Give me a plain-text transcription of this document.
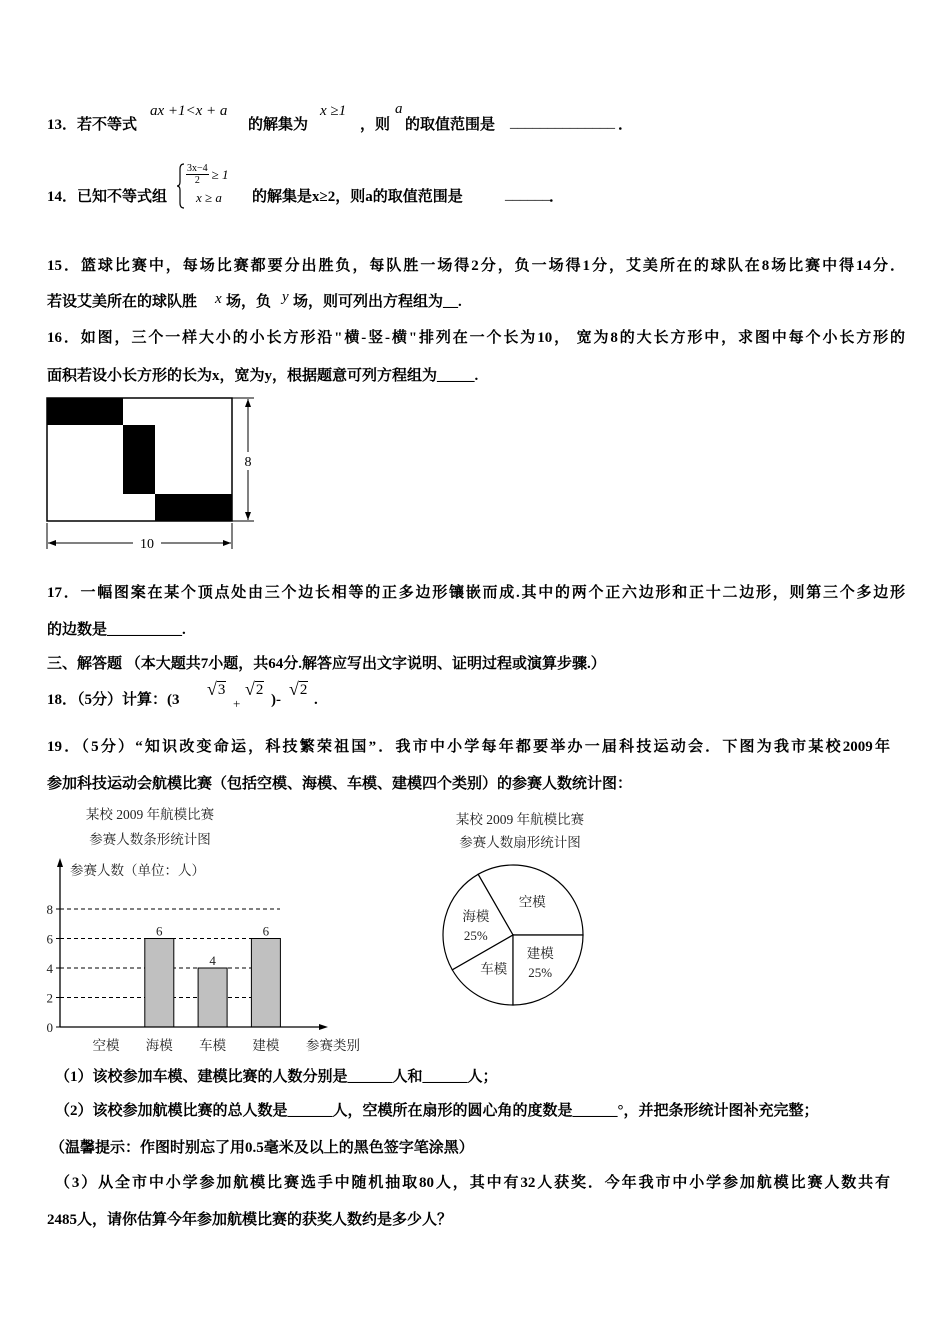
13．若不等式
ax +1<x + a
的解集为
x ≥1
，则
a
的取值范围是 ______________ ．
14．已知不等式组
$\frac{3x-4}{2} \ge 1$
x ≥ a 的解集是x≥2，则a的取值范围是	______ ．
15．篮球比赛中，每场比赛都要分出胜负，每队胜一场得2分，负一场得1分，艾美所在的球队在8场比赛中得14分．
若设艾美所在的球队胜 x 场，负 y 场，则可列出方程组为__.
16．如图，三个一样大小的小长方形沿"横-竖-横"排列在一个长为10， 宽为8的大长方形中，求图中每个小长方形的
面积若设小长方形的长为x，宽为y，根据题意可列方程组为_____.
8
10
17．一幅图案在某个顶点处由三个边长相等的正多边形镶嵌而成.其中的两个正六边形和正十二边形，则第三个多边形
的边数是__________.
三、解答题 （本大题共7小题，共64分.解答应写出文字说明、证明过程或演算步骤.）
18．（5分）计算：(3
√3
+
√2
)-
√2
.
19．（5分）“知识改变命运，科技繁荣祖国”．我市中小学每年都要举办一届科技运动会．下图为我市某校2009年
参加科技运动会航模比赛（包括空模、海模、车模、建模四个类别）的参赛人数统计图：
某校 2009 年航模比赛
参赛人数条形统计图
参赛人数（单位：人）
0
2
4
6
8
空模
6
海模
4
车模
6
建模 参赛类别
某校 2009 年航模比赛
参赛人数扇形统计图
空模
海模
25%
车模
建模
25%
（1）该校参加车模、建模比赛的人数分别是______人和______人；
（2）该校参加航模比赛的总人数是______人，空模所在扇形的圆心角的度数是______°，并把条形统计图补充完整；
（温馨提示：作图时别忘了用0.5毫米及以上的黑色签字笔涂黑）
（3）从全市中小学参加航模比赛选手中随机抽取80人，其中有32人获奖．今年我市中小学参加航模比赛人数共有
2485人，请你估算今年参加航模比赛的获奖人数约是多少人？
